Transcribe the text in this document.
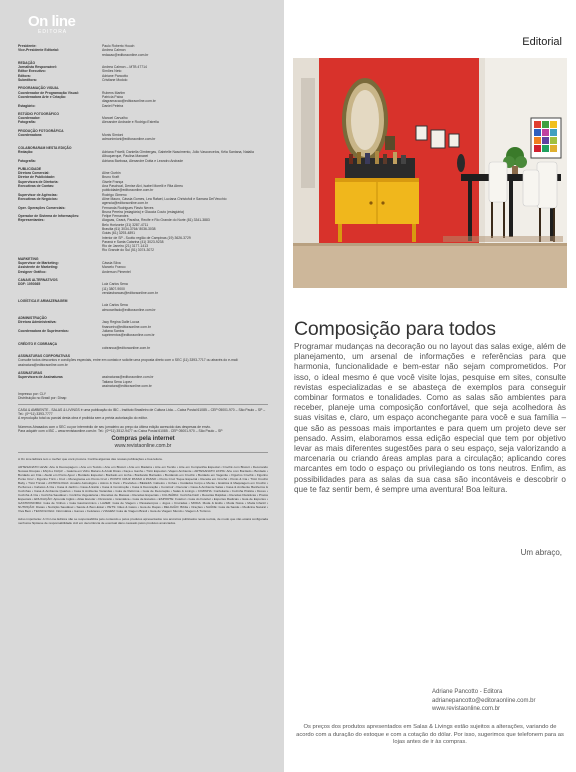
On line
EDITORA
Presidente:	Paulo Roberto Houch
Vice-Presidente Editorial:	Andrea Calmon
redacao@editoraonline.com.br
REDAÇÃO
Jornalista Responsável:	Andrea Calmon – MTB 47714
Editor Executivo:	Simões Neto
Editora:	Adriane Pancotto
Subeditora:	Cristiane Modolo
PROGRAMAÇÃO VISUAL
Coordenador de Programação Visual:	Rubens Martim
Coordenadora Arte e Criação:	Patrícia Paixa
diagramacao@editoraonline.com.br
Estagiário:	Daniel Peleira
ESTÚDIO FOTOGRÁFICO
Coordenador:	Manoel Carvalho
Fotografia:	Alexandre Andrade e Rodrigo Estrella
PRODUÇÃO FOTOGRÁFICA
Coordenadora:	Monis Simioni
admonimioni@editoraonline.com.br
COLABORARAM NESTA EDIÇÃO
Redação:	Adriana Fricelli, Daniella Gimbergas, Gabrielle Nascimento, Júlio Vasconcelos, Kéia Santana, Natalia Albuquerque, Paulina Manaxel
Fotografia:	Adriana Barbosa, Alexandre Dotta e Leandro Andrade
PUBLICIDADE
Diretora Comercial:	Aline Gurbin
Diretor de Publicidade:	Bruno Kraft
Supervisora de Diretoria:	Gisele França
Executivas de Contas:	Ana Paschoal, Denise Alvi, Isabel Morelli e Rita Abreu
publicidade@editoraonline.com.br
Supervisor de Agências:	Rodrigo Gimeno
Executivas de Negócios:	Aline Mauro, Cássia Gomes, Lea Rafael, Luciana Christofoli e Samara Del'Vecchio
agencia@editoraonline.com.br
Oper. Operações Comerciais:	Fernanda Rodrigues Flavio Neves
Bruna Pereira (estagiária) e Glaucia Couto (estagiária)
Operador de Sistema de Informações:	Felipe Fernandes
Representantes:	Alagoas, Ceará, Paraíba, Recife e Rio Grande do Norte (81) 3341-3883
Belo Horizonte (31) 3287-4711
Brasília (61) 3034-3764/ 8036-3038
Goiás (61) 3293-4891
Interior de SP - Scotto região de Campinas (19) 3626-3729
Paraná e Santa Catarina (41) 3023-9238
Rio de Janeiro (21) 3177-1413
Rio Grande do Sul (51) 3074-3072
MARKETING
Supervisor de Marketing:	Cássia Silva
Assistente de Marketing:	Marcelo Franco
Designer Gráfico:	Anderson Pimentel
CANAIS ALTERNATIVOS
DDF: 1050365	Luiz Carlos Sena
(11) 3807-9000
vendasbancas@editoraonline.com.br
LOGÍSTICA E ARMAZENAGEM
Luiz Carlos Sena
almoxarifado@editoraonline.com.br
ADMINISTRAÇÃO
Diretora Administrativa:	Jacy Regina Dalle Lucca
financeiro@editoraonline.com.br
Coordenadora de Suprimentos:	Juliana Santos
suprimentos@editoraonline.com.br
CRÉDITO E COBRANÇA
cobranca@editoraonline.com.br
ASSINATURAS CORPORATIVAS
Consulte todos descontos e condições especiais, entre em contato e solicite uma proposta direto com o SEC (11) 3393-7717 ou através do e-mail: assinatura@editoraonline.com.br
ASSINATURAS
Supervisora de Assinaturas	assinaturas@editoraonline.com.br
Tatiana Sena Lopez
assinatura@editoraonline.com.br
Impresso por: CLY
Distribuição no Brasil por: Dinap
CASA & AMBIENTE - SALAS & LIVINGS é uma publicação do IBC - Instituto Brasileiro de Cultura Ltda. – Caixa Postal 61085 – CEP 05001-970 – São Paulo – SP – Tel.: (0**11) 3393-7777
A reprodução total ou parcial desta obra é proibida sem a prévia autorização do editor.
Números Atrasados com o SEC ou por intermédio de seu jornaleiro ao preço da última edição acrescido das despesas de envio.
Para adquirir com o IBC – www.revistaonline.com.br. Tel.: (0**11) 3512-9477 ou Caixa Postal 61085 - CEP 05001-970 – São Paulo – SP
Compras pela internet
www.revistaonline.com.br
A On Line Editora tem o melhor que você procura. Confira algumas das nossas publicações e boa leitura.
ARTESANATO LEVE: Arte & Decoupagem • Arte em Tecido • Arte em Biscuit • Arte em Madeira • Arte em Tecido • Arte em Companhia Especial • Crochê com Biscuit • Decorando Nossas Roupas • FAÇA e FAÇA! – Galeria em Vidro Maluco & Azulê Dicas • Faça e Ganhe • Tricô Especial • Viajem Ambiente • ARTESANATO LINHA: Arte com Bordado • Bordado • Bordado em Fita • Ateliê em Ponto Ajour • Bordado Especial • Bordado em Linha • Bordando Barrados • Bordando em Crochê • Bordado em Vagonite • Figurino Crochê • Figurino Ponto Cruz • Figurino Tricô • Cruz • Monograma em Ponto Cruz • PONTO CRUZ PASSO A PASSO • Ponto Cruz Toque Especial • Receita em Crochê • Ponto & Cia • Tricô Crochê Baby • Tricô Tricotê • ASTROLOGIA: Anuário Astrológico • Astros & Você • Previsões • BELEZA: Cabelos • Unhas • Cuidados Corpo e Mente • Estética & Maquiagem em Crochê • Perfumes • Cabelos & Cia • Casa & Jardim • Casa & Estilo • Casa & Construção • Casa & Decoração • Construir • Decorar • Casa & Ambiente Salas • Casa & Ambiente Banheiros & Cozinhas • Casa & Ambiente Quartos • Casa & Ambiente Varandas • Guia de Reforma • Guia de Decoração • Salas & Livings • COZINHA: Confeitaria • Cozinha Prática • Doces • Cozinha & Cia • Cozinha Saudável • Cozinha Vegetariana • Receitas de Massas • Receitas Especiais • CULINÁRIA: Cozinha Fácil • Receitas Rápidas • Receitas Dietéticas • Pratos Especiais • EDUCAÇÃO: Aprenda Inglês • Atlas Escolar • Dicionário • Gramática • Guia de Estudos • ESPORTE: Futebol • Guia do Futebol • Esportes Radicais • Guia de Esportes • GASTRONOMIA: Guia de Vinhos • Guia Gastronômico • LAZER: Guia de Viagem • Passatempos • Jogos • Cruzadas • MODA: Moda & Estilo • Moda Noiva • Moda Infantil • NUTRIÇÃO: Dietas • Nutrição Saudável • Saúde & Bem-Estar • PETS: Cães & Gatos • Guia de Raças • RELIGIÃO: Bíblia • Orações • SAÚDE: Guia da Saúde • Medicina Natural • Viva Bem • TECNOLOGIA: Informática • Games • Celulares • VIAGEM: Guia de Viagem Brasil • Guia de Viagem Mundo • Viagem & Turismo
Aviso importante: A On Line Editora não se responsabiliza pelo conteúdo e pelos produtos apresentados nos anúncios publicados nesta revista, de modo que não estará configurada nenhuma hipótese de responsabilidade civil em decorrência de eventual dano causado pelos produtos anunciados.
Editorial
Composição para todos
Programar mudanças na decoração ou no layout das salas exige, além de planejamento, um arsenal de informações e referências para que harmonia, funcionalidade e bem-estar não sejam comprometidos. Por isso, o ideal mesmo é que você visite lojas, pesquise em sites, consulte revistas especializadas e se abasteça de exemplos para conseguir combinar formatos e tonalidades. Como as salas são ambientes para receber, planeje uma composição confortável, que seja acolhedora às suas visitas e, claro, um espaço aconchegante para você e sua família – que são as pessoas mais importantes e para quem um projeto deve ser pensado. Assim, elaboramos essa edição especial que tem por objetivo levar as mais diferentes sugestões para o seu espaço, seja valorizando a marcenaria ou criando áreas amplas para a circulação; aplicando cores marcantes em todo o espaço ou privilegiando os tons neutros. Enfim, as possibilidades para as salas da sua casa são incontáveis e descobrir o que te faz sentir bem, é sempre uma aventura! Boa leitura.
Um abraço,
Adriane Pancotto - Editora
adrianepancotto@editoraonline.com.br
www.revistaonline.com.br
Os preços dos produtos apresentados em Salas & Livings estão sujeitos a alterações, variando de acordo com a duração do estoque e com a cotação do dólar. Por isso, sugerimos que telefonem para as lojas antes de ir às compras.
